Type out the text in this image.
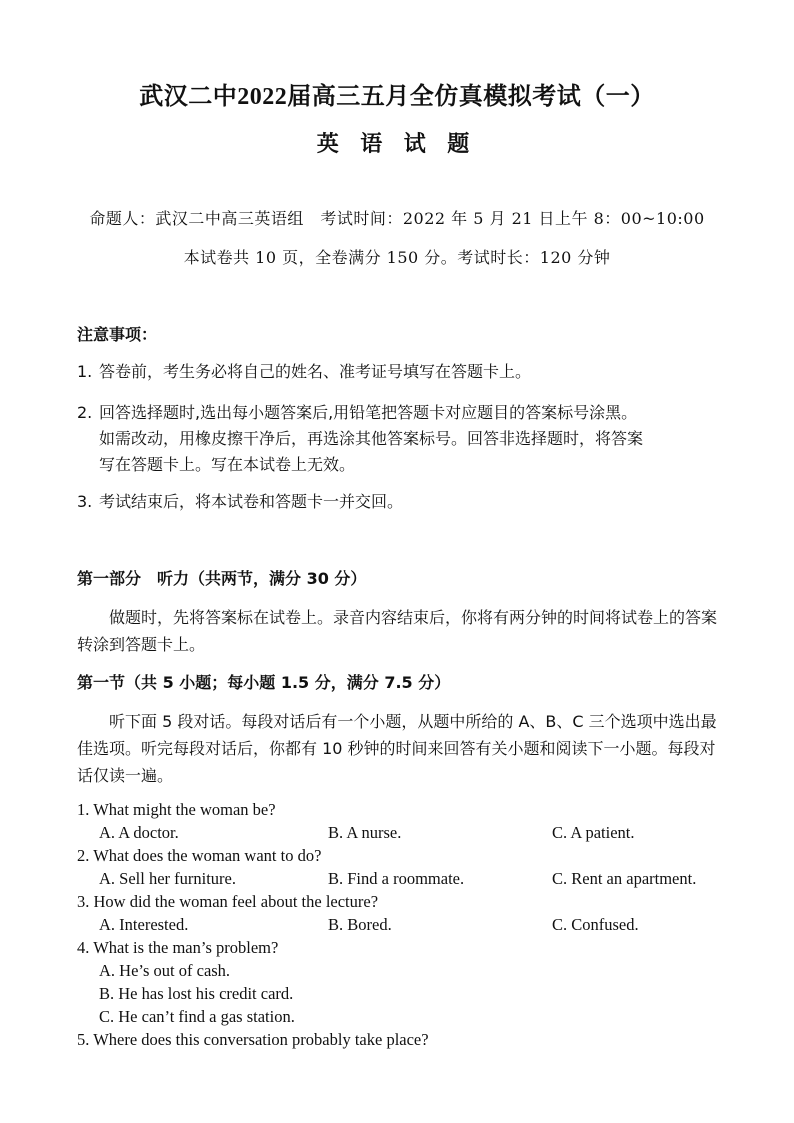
武汉二中2022届高三五月全仿真模拟考试（一）
英 语 试 题
命题人：武汉二中高三英语组　考试时间：2022 年 5 月 21 日上午 8：00~10:00
本试卷共 10 页，全卷满分 150 分。考试时长：120 分钟
注意事项：
1. 答卷前，考生务必将自己的姓名、准考证号填写在答题卡上。
2. 回答选择题时,选出每小题答案后,用铅笔把答题卡对应题目的答案标号涂黑。
如需改动，用橡皮擦干净后，再选涂其他答案标号。回答非选择题时，将答案
写在答题卡上。写在本试卷上无效。
3. 考试结束后，将本试卷和答题卡一并交回。
第一部分　听力（共两节，满分 30 分）
做题时，先将答案标在试卷上。录音内容结束后，你将有两分钟的时间将试卷上的答案转涂到答题卡上。
第一节（共 5 小题；每小题 1.5 分，满分 7.5 分）
听下面 5 段对话。每段对话后有一个小题，从题中所给的 A、B、C 三个选项中选出最佳选项。听完每段对话后，你都有 10 秒钟的时间来回答有关小题和阅读下一小题。每段对话仅读一遍。
1. What might the woman be?
A. A doctor.	B. A nurse.	C. A patient.
2. What does the woman want to do?
A. Sell her furniture.	B. Find a roommate.	C. Rent an apartment.
3. How did the woman feel about the lecture?
A. Interested.	B. Bored.	C. Confused.
4. What is the man’s problem?
A. He’s out of cash.
B. He has lost his credit card.
C. He can’t find a gas station.
5. Where does this conversation probably take place?
